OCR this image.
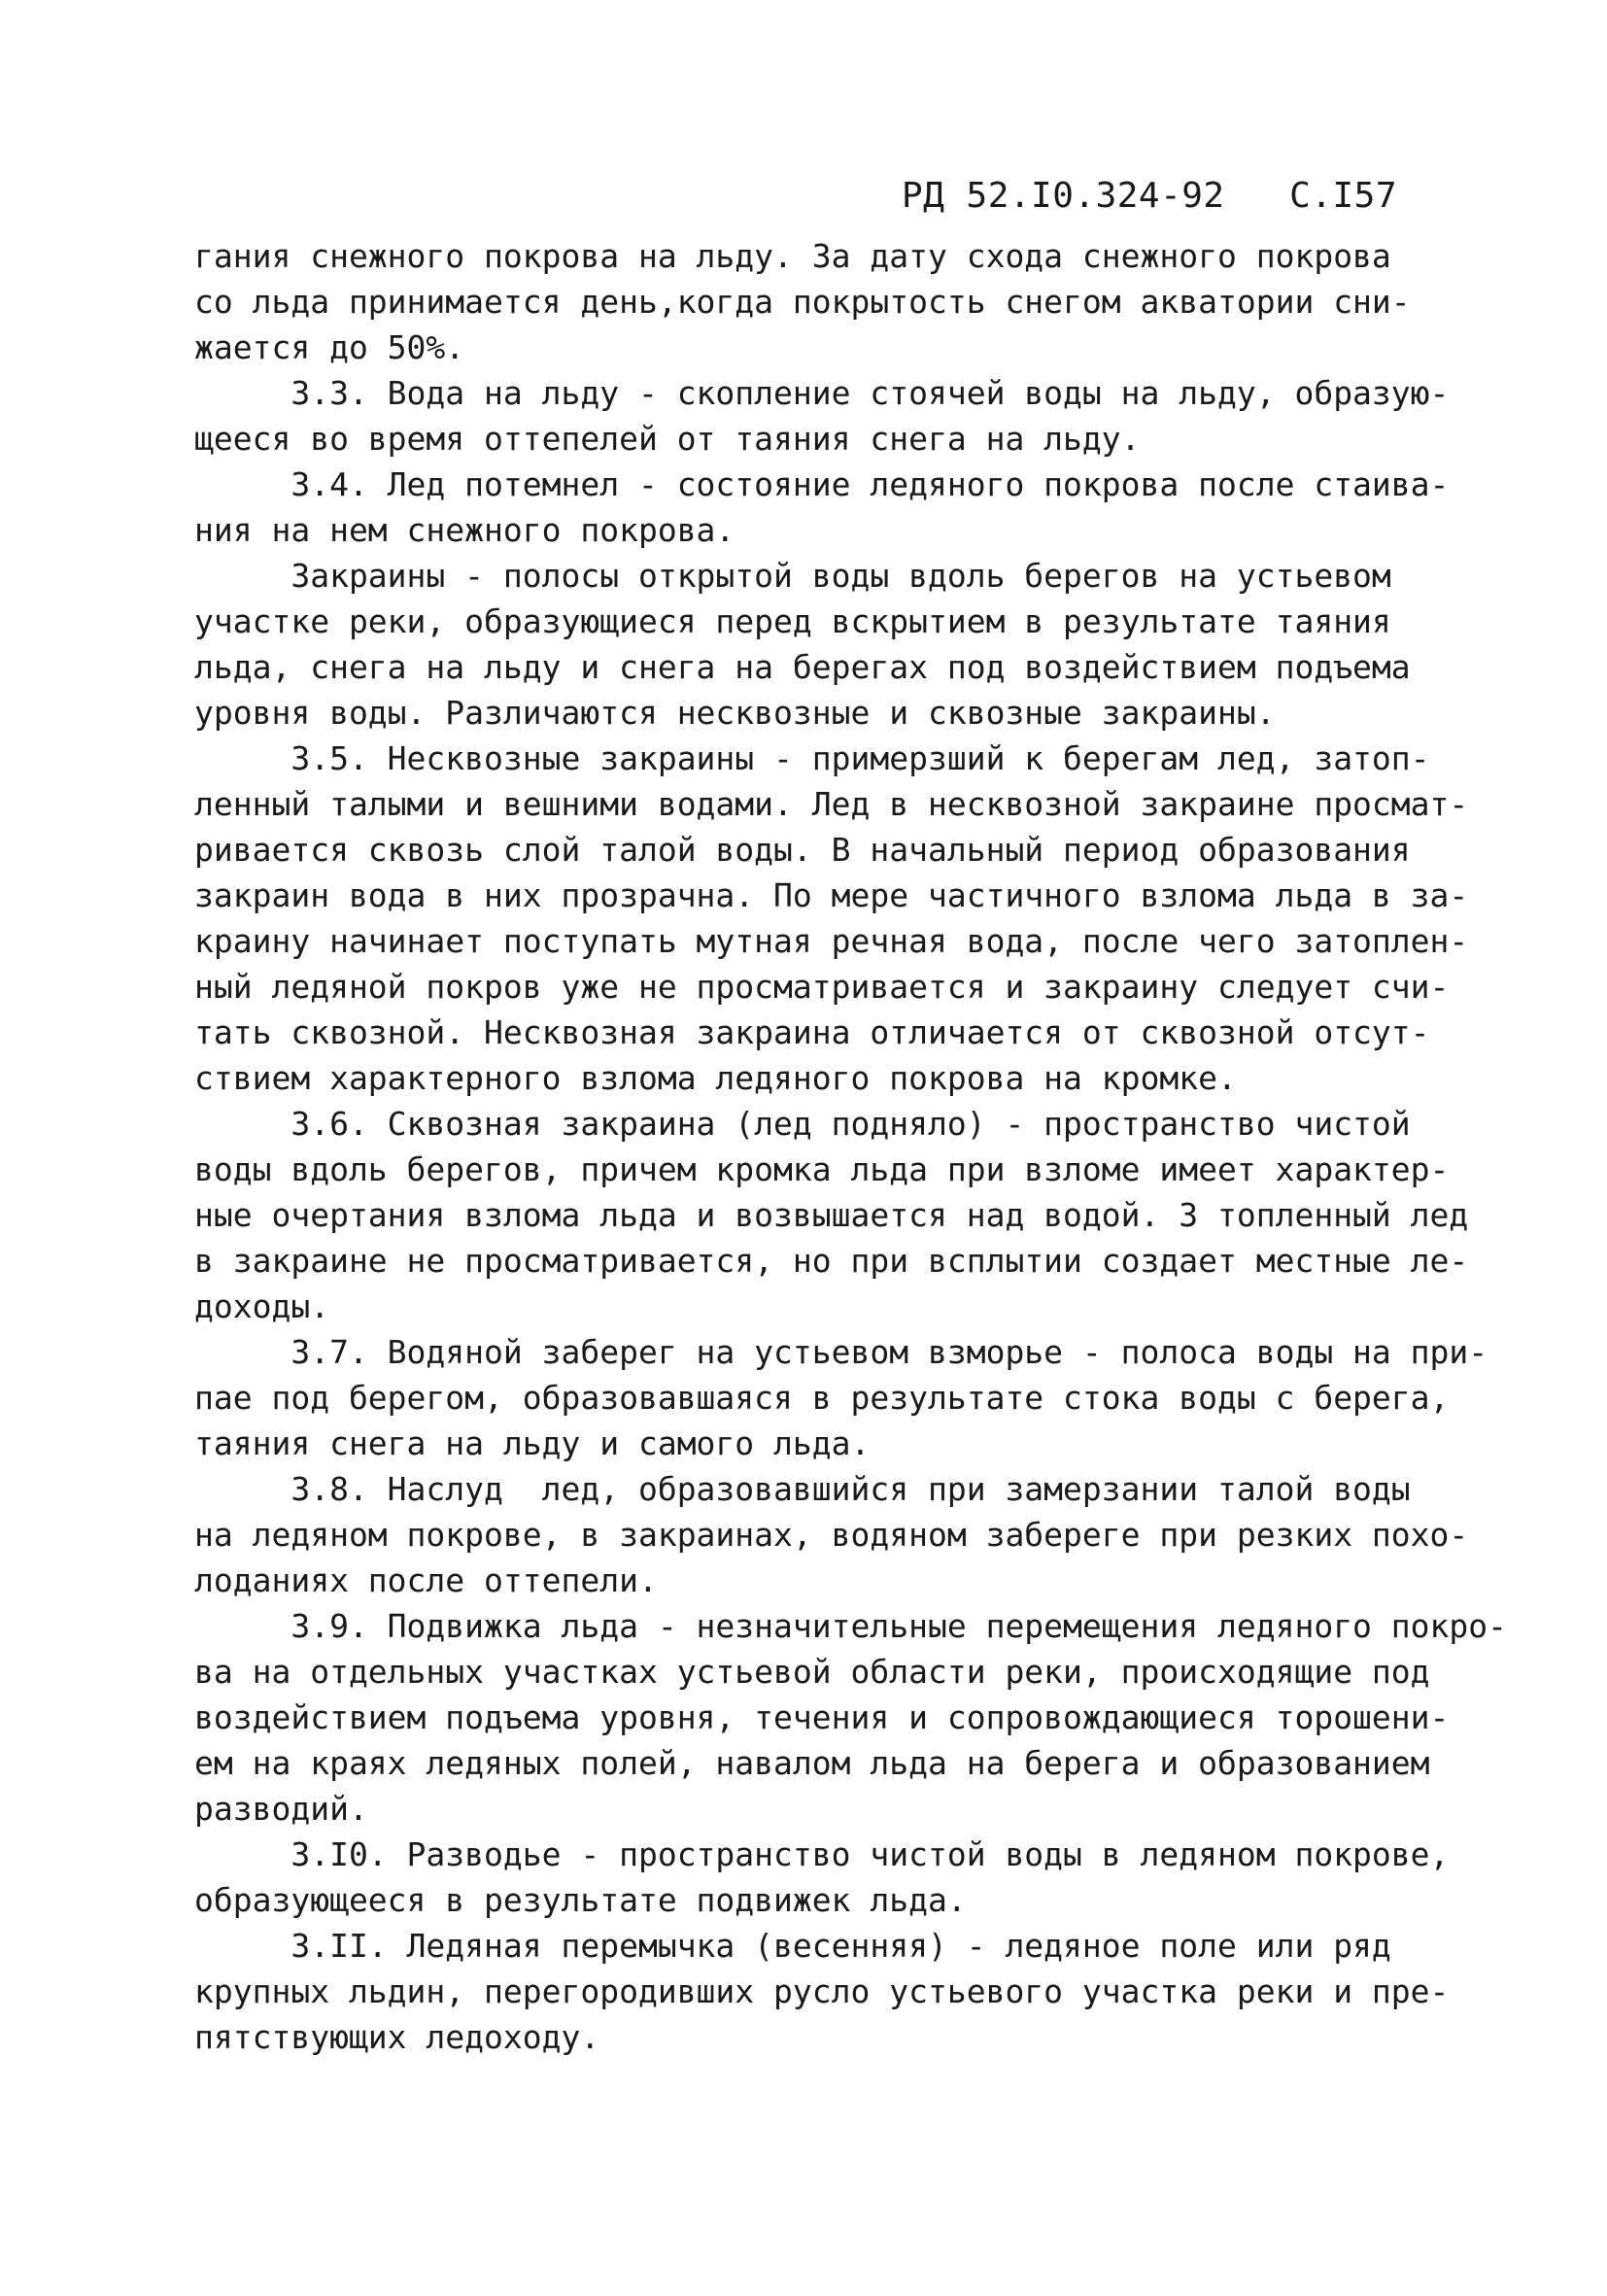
РД 52.I0.324-92   С.I57
гания снежного покрова на льду. За дату схода снежного покрова
со льда принимается день,когда покрытость снегом акватории сни-
жается до 50%.
3.3. Вода на льду - скопление стоячей воды на льду, образую-
щееся во время оттепелей от таяния снега на льду.
3.4. Лед потемнел - состояние ледяного покрова после стаива-
ния на нем снежного покрова.
Закраины - полосы открытой воды вдоль берегов на устьевом
участке реки, образующиеся перед вскрытием в результате таяния
льда, снега на льду и снега на берегах под воздействием подъема
уровня воды. Различаются несквозные и сквозные закраины.
3.5. Несквозные закраины - примерзший к берегам лед, затоп-
ленный талыми и вешними водами. Лед в несквозной закраине просмат-
ривается сквозь слой талой воды. В начальный период образования
закраин вода в них прозрачна. По мере частичного взлома льда в за-
краину начинает поступать мутная речная вода, после чего затоплен-
ный ледяной покров уже не просматривается и закраину следует счи-
тать сквозной. Несквозная закраина отличается от сквозной отсут-
ствием характерного взлома ледяного покрова на кромке.
3.6. Сквозная закраина (лед подняло) - пространство чистой
воды вдоль берегов, причем кромка льда при взломе имеет характер-
ные очертания взлома льда и возвышается над водой. З топленный лед
в закраине не просматривается, но при всплытии создает местные ле-
доходы.
3.7. Водяной заберег на устьевом взморье - полоса воды на при-
пае под берегом, образовавшаяся в результате стока воды с берега,
таяния снега на льду и самого льда.
3.8. Наслуд  лед, образовавшийся при замерзании талой воды
на ледяном покрове, в закраинах, водяном забереге при резких похо-
лоданиях после оттепели.
3.9. Подвижка льда - незначительные перемещения ледяного покро-
ва на отдельных участках устьевой области реки, происходящие под
воздействием подъема уровня, течения и сопровождающиеся торошени-
ем на краях ледяных полей, навалом льда на берега и образованием
разводий.
3.I0. Разводье - пространство чистой воды в ледяном покрове,
образующееся в результате подвижек льда.
3.II. Ледяная перемычка (весенняя) - ледяное поле или ряд
крупных льдин, перегородивших русло устьевого участка реки и пре-
пятствующих ледоходу.
